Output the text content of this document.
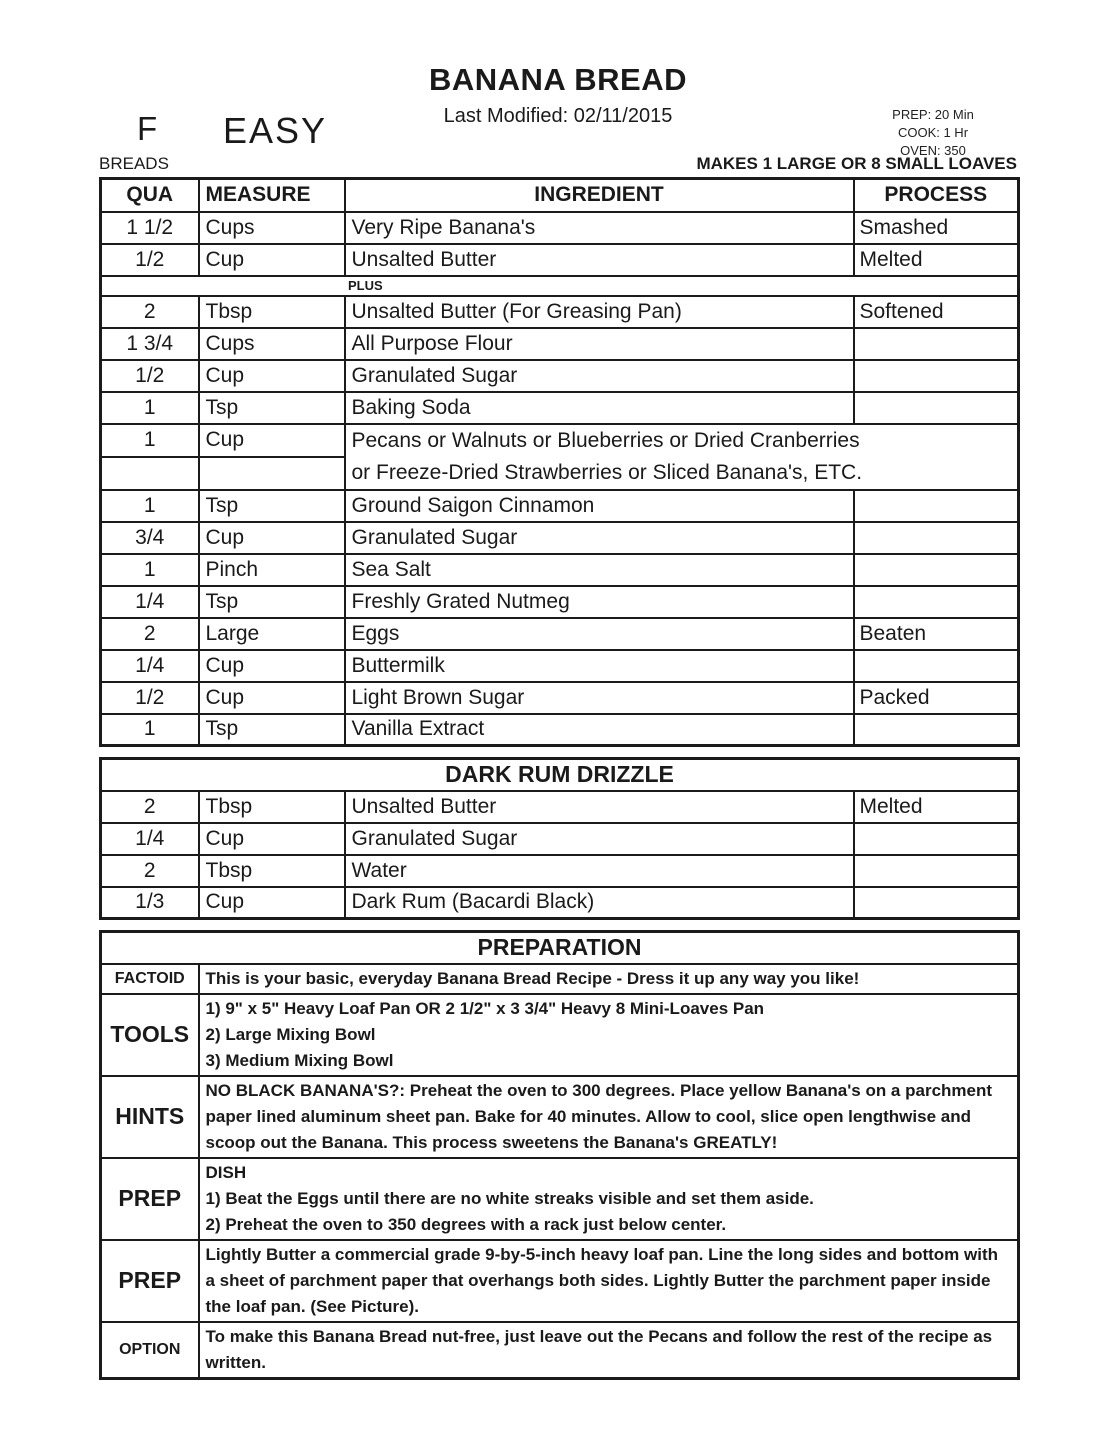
BANANA BREAD
Last Modified: 02/11/2015
F EASY	PREP: 20 Min
COOK: 1 Hr
OVEN: 350
BREADS	MAKES 1 LARGE OR 8 SMALL LOAVES
QUA	MEASURE	INGREDIENT	PROCESS
1 1/2	Cups	Very Ripe Banana's	Smashed
1/2	Cup	Unsalted Butter	Melted
PLUS			
2	Tbsp	Unsalted Butter (For Greasing Pan)	Softened
1 3/4	Cups	All Purpose Flour	
1/2	Cup	Granulated Sugar	
1	Tsp	Baking Soda	
1	Cup	Pecans or Walnuts or Blueberries or Dried Cranberries
or Freeze-Dried Strawberries or Sliced Banana's, ETC.	

1	Tsp	Ground Saigon Cinnamon	
3/4	Cup	Granulated Sugar	
1	Pinch	Sea Salt	
1/4	Tsp	Freshly Grated Nutmeg	
2	Large	Eggs	Beaten
1/4	Cup	Buttermilk	
1/2	Cup	Light Brown Sugar	Packed
1	Tsp	Vanilla Extract	
DARK RUM DRIZZLE			
2	Tbsp	Unsalted Butter	Melted
1/4	Cup	Granulated Sugar	
2	Tbsp	Water	
1/3	Cup	Dark Rum (Bacardi Black)	
PREPARATION	
FACTOID	This is your basic, everyday Banana Bread Recipe - Dress it up any way you like!
TOOLS	1) 9" x 5" Heavy Loaf Pan OR 2 1/2" x 3 3/4" Heavy 8 Mini-Loaves Pan
2) Large Mixing Bowl
3) Medium Mixing Bowl

HINTS	NO BLACK BANANA'S?: Preheat the oven to 300 degrees. Place yellow Banana's on a parchment paper lined aluminum sheet pan. Bake for 40 minutes. Allow to cool, slice open lengthwise and scoop out the Banana. This process sweetens the Banana's GREATLY!
PREP	DISH
1) Beat the Eggs until there are no white streaks visible and set them aside.
2) Preheat the oven to 350 degrees with a rack just below center.

PREP	Lightly Butter a commercial grade 9-by-5-inch heavy loaf pan. Line the long sides and bottom with a sheet of parchment paper that overhangs both sides. Lightly Butter the parchment paper inside the loaf pan. (See Picture).
OPTION	To make this Banana Bread nut-free, just leave out the Pecans and follow the rest of the recipe as written.
